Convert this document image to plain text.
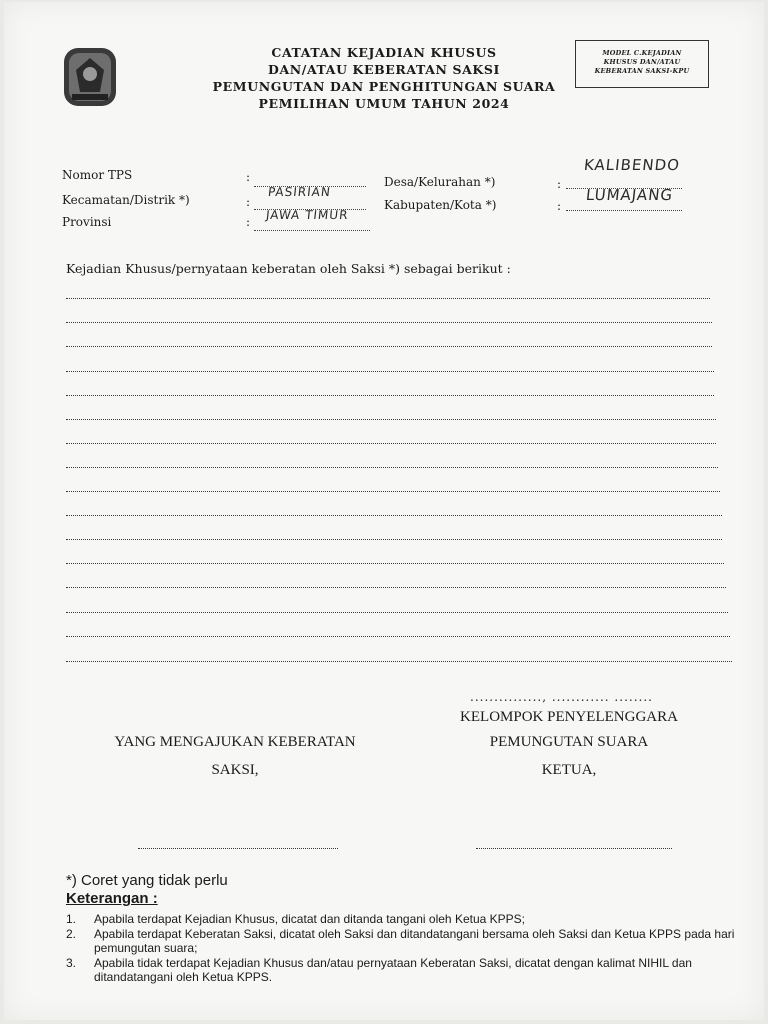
CATATAN KEJADIAN KHUSUS
DAN/ATAU KEBERATAN SAKSI
PEMUNGUTAN DAN PENGHITUNGAN SUARA
PEMILIHAN UMUM TAHUN 2024
MODEL C.KEJADIAN
KHUSUS DAN/ATAU
KEBERATAN SAKSI-KPU
Nomor TPS	:
Kecamatan/Distrik *)	:
PASIRIAN
Provinsi	: JAWA TIMUR
Desa/Kelurahan *)	:
KALIBENDO
Kabupaten/Kota *)	:
LUMAJANG
Kejadian Khusus/pernyataan keberatan oleh Saksi *) sebagai berikut :
..............., ............ ........
YANG MENGAJUKAN KEBERATAN
SAKSI,
KELOMPOK PENYELENGGARA
PEMUNGUTAN SUARA
KETUA,
*) Coret yang tidak perlu
Keterangan :
1.	Apabila terdapat Kejadian Khusus, dicatat dan ditanda tangani oleh Ketua KPPS;
2.	Apabila terdapat Keberatan Saksi, dicatat oleh Saksi dan ditandatangani bersama oleh Saksi dan Ketua KPPS pada hari pemungutan suara;
3.	Apabila tidak terdapat Kejadian Khusus dan/atau pernyataan Keberatan Saksi, dicatat dengan kalimat NIHIL dan ditandatangani oleh Ketua KPPS.
